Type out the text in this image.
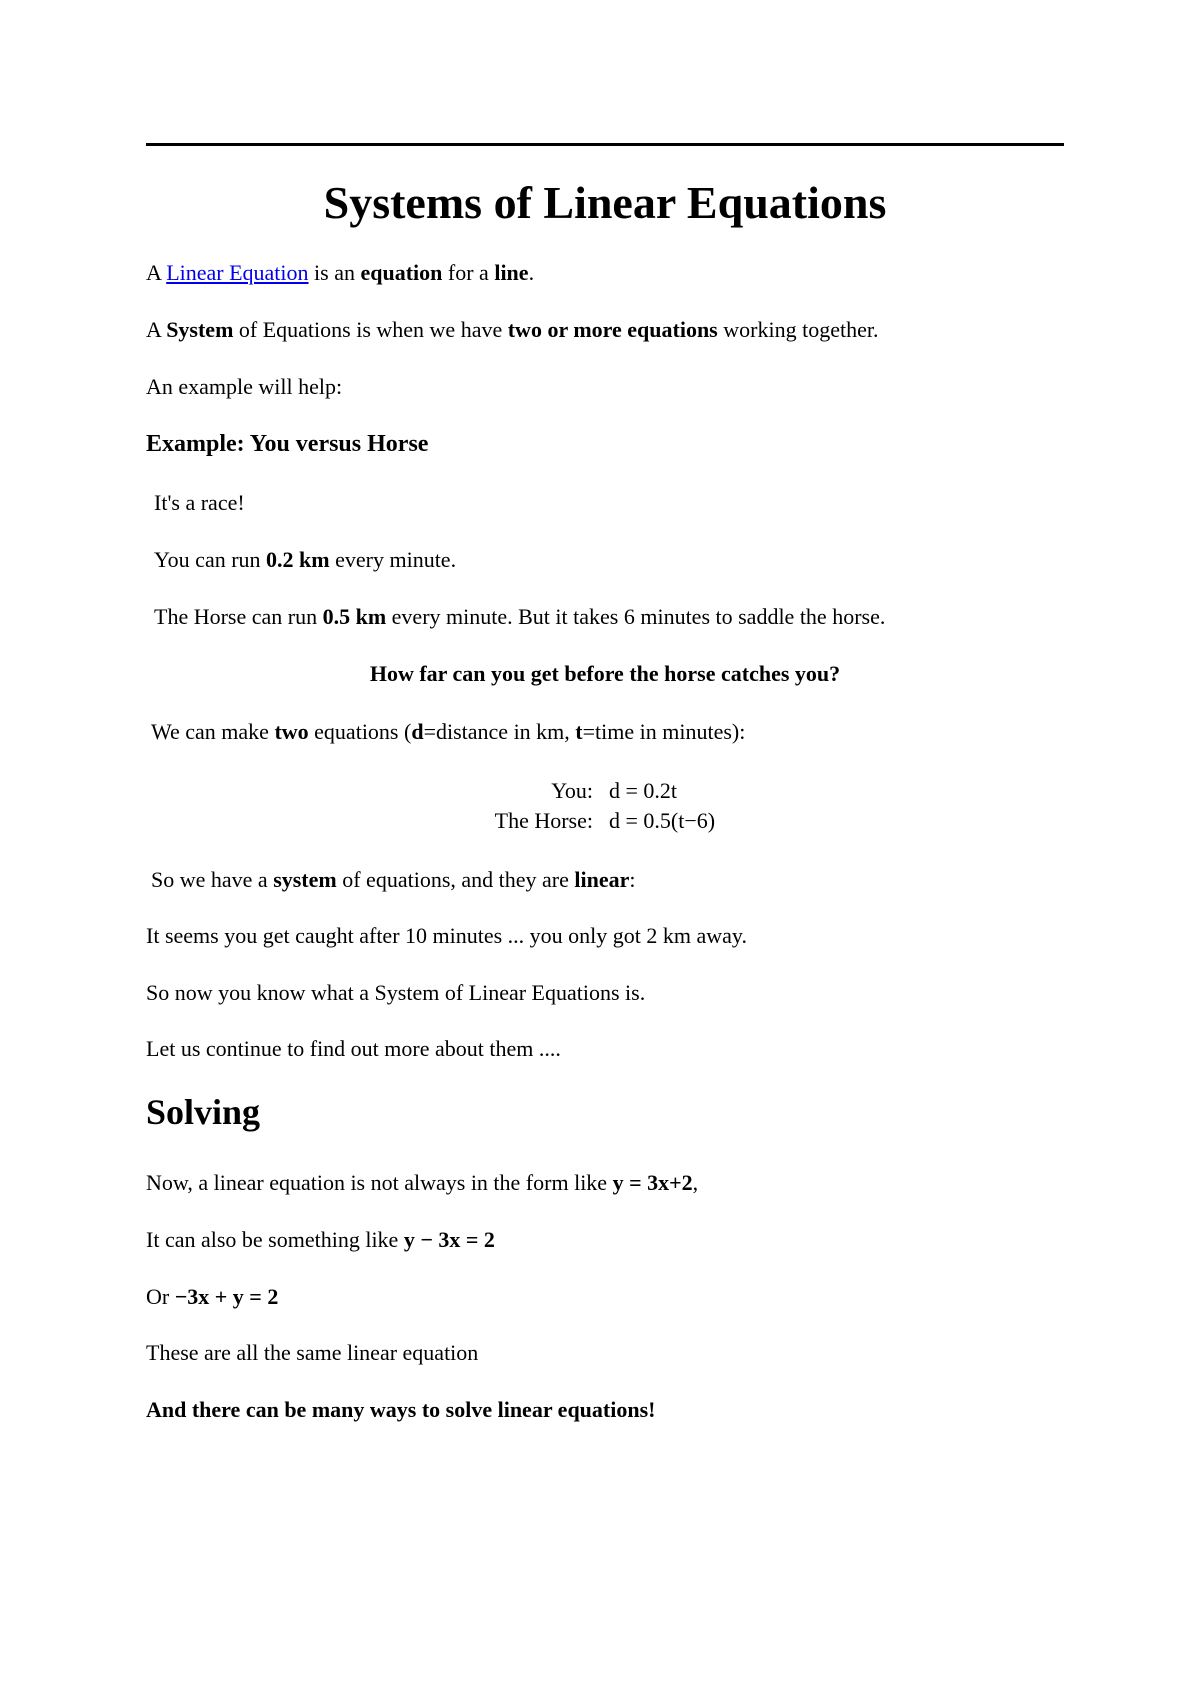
Systems of Linear Equations

A Linear Equation is an equation for a line.

A System of Equations is when we have two or more equations working together.

An example will help:

Example: You versus Horse

It's a race!

You can run 0.2 km every minute.

The Horse can run 0.5 km every minute. But it takes 6 minutes to saddle the horse.

How far can you get before the horse catches you?

We can make two equations (d=distance in km, t=time in minutes):

You: d = 0.2t
The Horse: d = 0.5(t−6)

So we have a system of equations, and they are linear:

It seems you get caught after 10 minutes ... you only got 2 km away.

So now you know what a System of Linear Equations is.

Let us continue to find out more about them ....

Solving

Now, a linear equation is not always in the form like y = 3x+2,

It can also be something like y − 3x = 2

Or −3x + y = 2

These are all the same linear equation

And there can be many ways to solve linear equations!
